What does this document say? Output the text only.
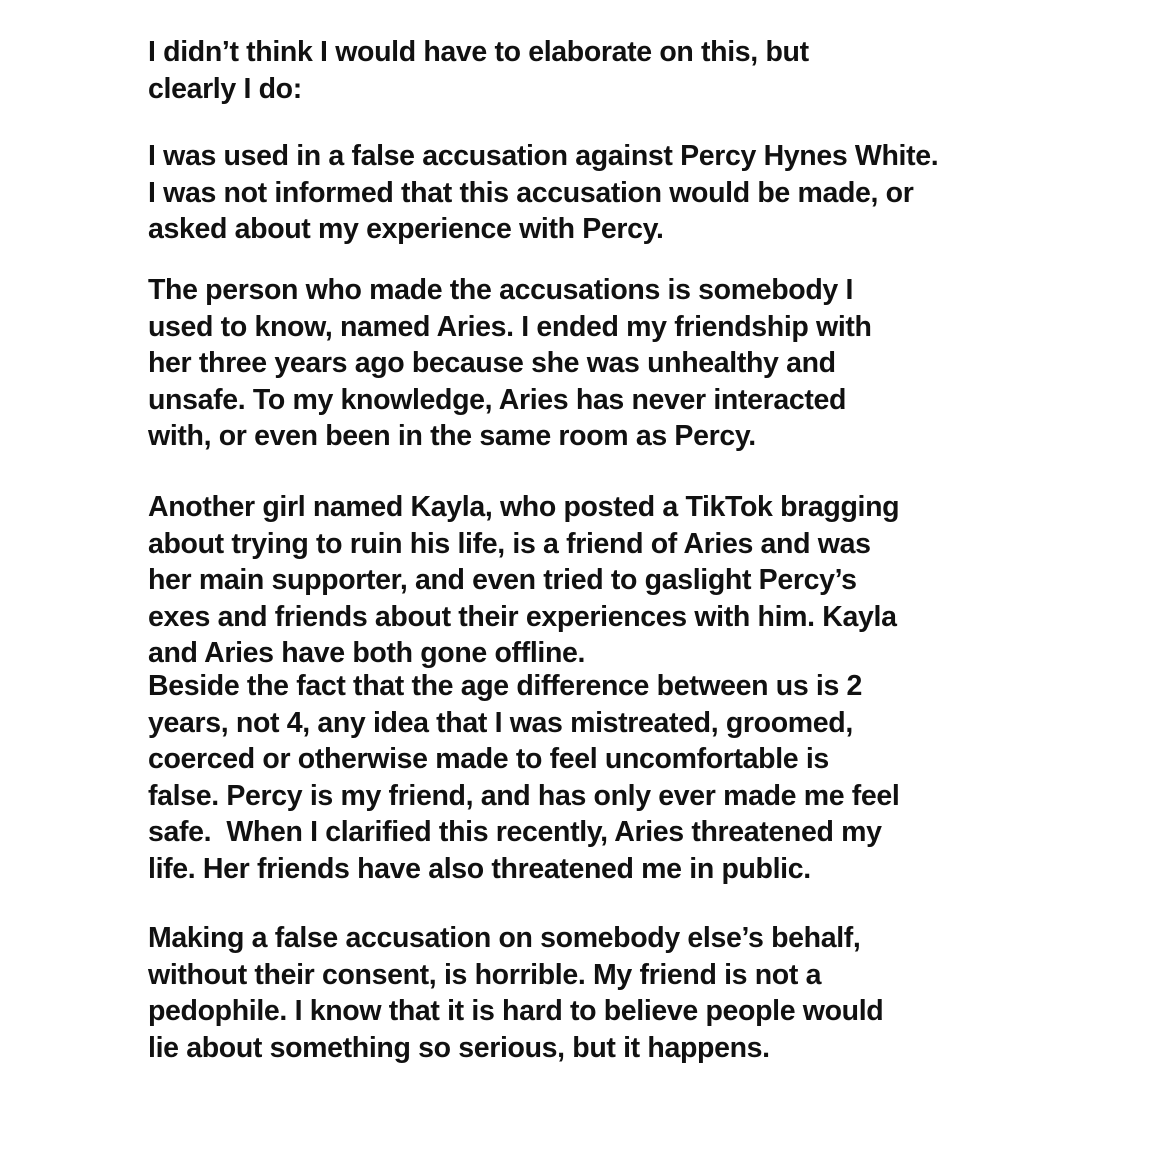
I didn’t think I would have to elaborate on this, but
clearly I do:
I was used in a false accusation against Percy Hynes White.
I was not informed that this accusation would be made, or
asked about my experience with Percy.
The person who made the accusations is somebody I
used to know, named Aries. I ended my friendship with
her three years ago because she was unhealthy and
unsafe. To my knowledge, Aries has never interacted
with, or even been in the same room as Percy.
Another girl named Kayla, who posted a TikTok bragging
about trying to ruin his life, is a friend of Aries and was
her main supporter, and even tried to gaslight Percy’s
exes and friends about their experiences with him. Kayla
and Aries have both gone offline.
Beside the fact that the age difference between us is 2
years, not 4, any idea that I was mistreated, groomed,
coerced or otherwise made to feel uncomfortable is
false. Percy is my friend, and has only ever made me feel
safe.  When I clarified this recently, Aries threatened my
life. Her friends have also threatened me in public.
Making a false accusation on somebody else’s behalf,
without their consent, is horrible. My friend is not a
pedophile. I know that it is hard to believe people would
lie about something so serious, but it happens.
